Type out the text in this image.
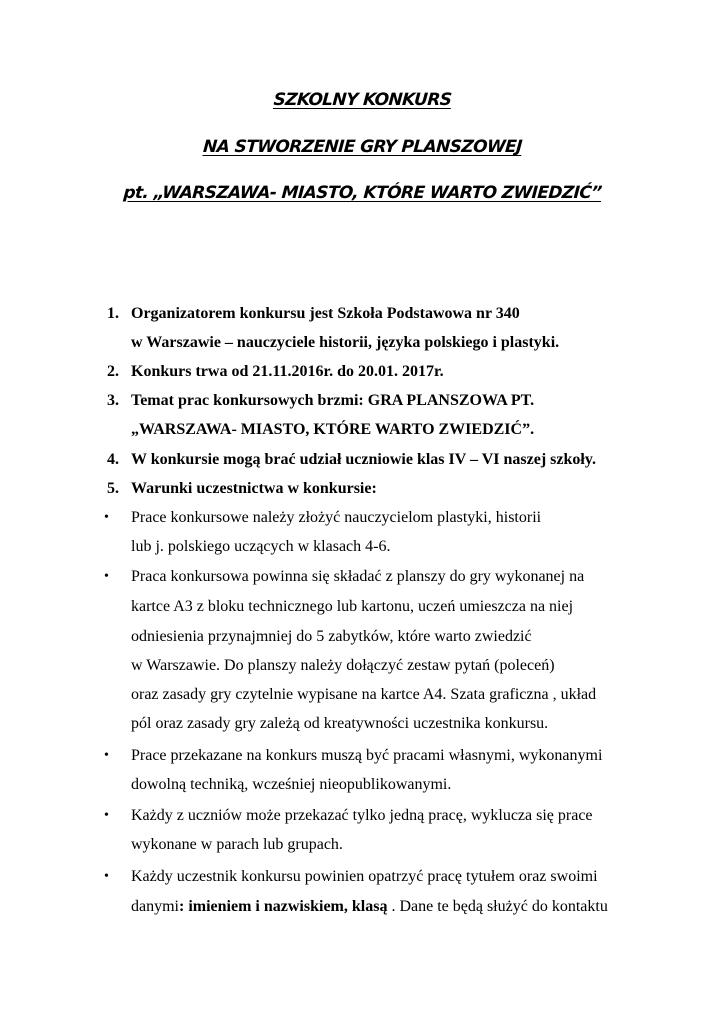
SZKOLNY KONKURS
NA STWORZENIE GRY PLANSZOWEJ
pt. „WARSZAWA- MIASTO, KTÓRE WARTO ZWIEDZIĆ”
1. Organizatorem konkursu jest Szkoła Podstawowa nr 340
w Warszawie – nauczyciele historii, języka polskiego i plastyki.
2. Konkurs trwa od 21.11.2016r. do 20.01. 2017r.
3. Temat prac konkursowych brzmi: GRA PLANSZOWA PT.
„WARSZAWA- MIASTO, KTÓRE WARTO ZWIEDZIĆ”.
4. W konkursie mogą brać udział uczniowie klas IV – VI naszej szkoły.
5. Warunki uczestnictwa w konkursie:
• Prace konkursowe należy złożyć nauczycielom plastyki, historii
lub j. polskiego uczących w klasach 4-6.
• Praca konkursowa powinna się składać z planszy do gry wykonanej na
kartce A3 z bloku technicznego lub kartonu, uczeń umieszcza na niej
odniesienia przynajmniej do 5 zabytków, które warto zwiedzić
w Warszawie. Do planszy należy dołączyć zestaw pytań (poleceń)
oraz zasady gry czytelnie wypisane na kartce A4. Szata graficzna , układ
pól oraz zasady gry zależą od kreatywności uczestnika konkursu.
• Prace przekazane na konkurs muszą być pracami własnymi, wykonanymi
dowolną techniką, wcześniej nieopublikowanymi.
• Każdy z uczniów może przekazać tylko jedną pracę, wyklucza się prace
wykonane w parach lub grupach.
• Każdy uczestnik konkursu powinien opatrzyć pracę tytułem oraz swoimi
danymi: imieniem i nazwiskiem, klasą . Dane te będą służyć do kontaktu
